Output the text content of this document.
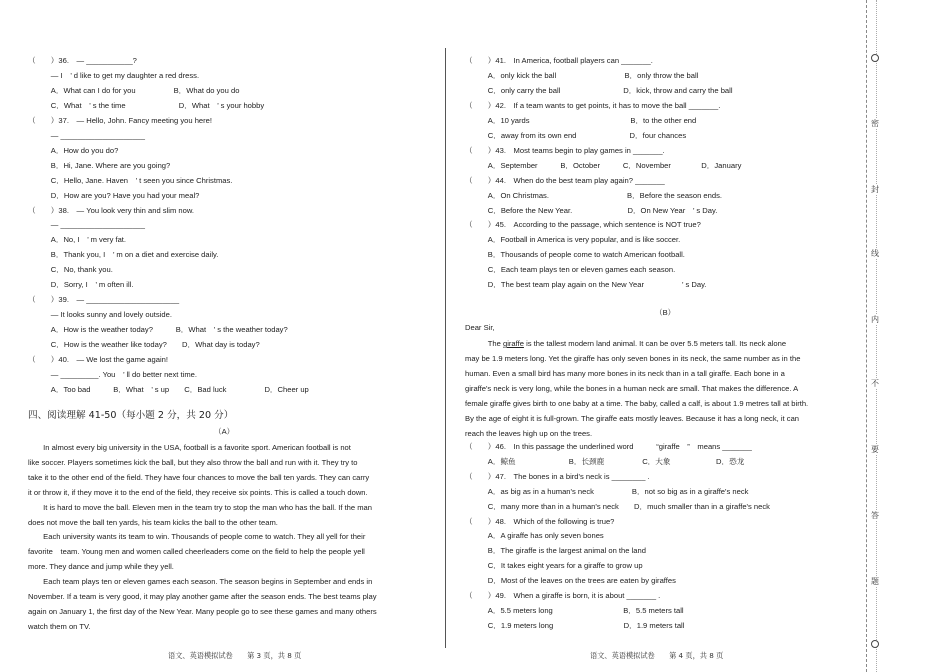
（　　）36.　— ___________?
　　　— I　’ d like to get my daughter a red dress.
　　　A．What can I do for you　　　　　B．What do you do
　　　C．What　’ s the time　　　　　　　D．What　’ s your hobby
（　　）37.　— Hello, John. Fancy meeting you here!
　　　— ____________________
　　　A．How do you do?
　　　B．Hi, Jane. Where are you going?
　　　C．Hello, Jane. Haven　’ t seen you since Christmas.
　　　D．How are you? Have you had your meal?
（　　）38.　— You look very thin and slim now.
　　　— ____________________
　　　A．No, I　’ m very fat.
　　　B．Thank you, I　’ m on a diet and exercise daily.
　　　C．No, thank you.
　　　D．Sorry, I　’ m often ill.
（　　）39.　— ______________________
　　　— It looks sunny and lovely outside.
　　　A．How is the weather today?　　　B．What　’ s the weather today?
　　　C．How is the weather like today?　　D．What day is today?
（　　）40.　— We lost the game again!
　　　— _________. You　’ ll do better next time.
　　　A．Too bad　　　B．What　’ s up　　C．Bad luck　　　　　D．Cheer up
四、阅读理解 41-50（每小题 2 分，共 20 分）
（A）
　　In almost every big university in the USA, football is a favorite sport. American football is not
like soccer. Players sometimes kick the ball, but they also throw the ball and run with it. They try to
take it to the other end of the field. They have four chances to move the ball ten yards. They can carry
it or throw it, if they move it to the end of the field, they receive six points. This is called a touch down.
　　It is hard to move the ball. Eleven men in the team try to stop the man who has the ball. If the man
does not move the ball ten yards, his team kicks the ball to the other team.
　　Each university wants its team to win. Thousands of people come to watch. They all yell for their
favorite　team. Young men and women called cheerleaders come on the field to help the people yell
more. They dance and jump while they yell.
　　Each team plays ten or eleven games each season. The season begins in September and ends in
November. If a team is very good, it may play another game after the season ends. The best teams play
again on January 1, the first day of the New Year. Many people go to see these games and many others
watch them on TV.
（　　）41.　In America, football players can _______.
　　　A．only kick the ball　　　　　　　　　B．only throw the ball
　　　C．only carry the ball　　　　　　　　 D．kick, throw and carry the ball
（　　）42.　If a team wants to get points, it has to move the ball _______.
　　　A．10 yards　　　　　　　　　　　　　 B．to the other end
　　　C．away from its own end　　　　　　　D．four chances
（　　）43.　Most teams begin to play games in _______.
　　　A．September　　　B．October　　　C．November　　　　D．January
（　　）44.　When do the best team play again? _______
　　　A．On Christmas.　　　　　　　　　　 B．Before the season ends.
　　　C．Before the New Year.　　　　　　　 D．On New Year　’ s Day.
（　　）45.　According to the passage, which sentence is NOT true?
　　　A．Football in America is very popular, and is like soccer.
　　　B．Thousands of people come to watch American football.
　　　C．Each team plays ten or eleven games each season.
　　　D．The best team play again on the New Year　　　　　’ s Day.
（B）
Dear Sir,
　　　The giraffe is the tallest modern land animal. It can be over 5.5 meters tall. Its neck alone
may be 1.9 meters long. Yet the giraffe has only seven bones in its neck, the same number as in the
human. Even a small bird has many more bones in its neck than in a tall giraffe. Each bone in a
giraffe's neck is very long, while the bones in a human neck are small. That makes the difference. A
female giraffe gives birth to one baby at a time. The baby, called a calf, is about 1.9 metres tall at birth.
By the age of eight it is full-grown. The giraffe eats mostly leaves. Because it has a long neck, it can
reach the leaves high up on the trees.
（　　）46.　In this passage the underlined word　　　“giraffe　”　means _______
　　　A．鲸鱼　　　　　　　B．长颈鹿　　　　　C．大象　　　　　　D．恐龙
（　　）47.　The bones in a bird's neck is ________ .
　　　A．as big as in a human's neck　　　　　B．not so big as in a giraffe's neck
　　　C．many more than in a human's neck　　D．much smaller than in a giraffe's neck
（　　）48.　Which of the following is true?
　　　A．A giraffe has only seven bones
　　　B．The giraffe is the largest animal on the land
　　　C．It takes eight years for a giraffe to grow up
　　　D．Most of the leaves on the trees are eaten by giraffes
（　　）49.　When a giraffe is born, it is about _______ .
　　　A．5.5 meters long　　　　　　　　　 B．5.5 meters tall
　　　C．1.9 meters long　　　　　　　　　 D．1.9 meters tall
语文、英语模拟试卷　　第 3 页，共 8 页	语文、英语模拟试卷　　第 4 页，共 8 页
密
封
线
内
不
要
答
题
